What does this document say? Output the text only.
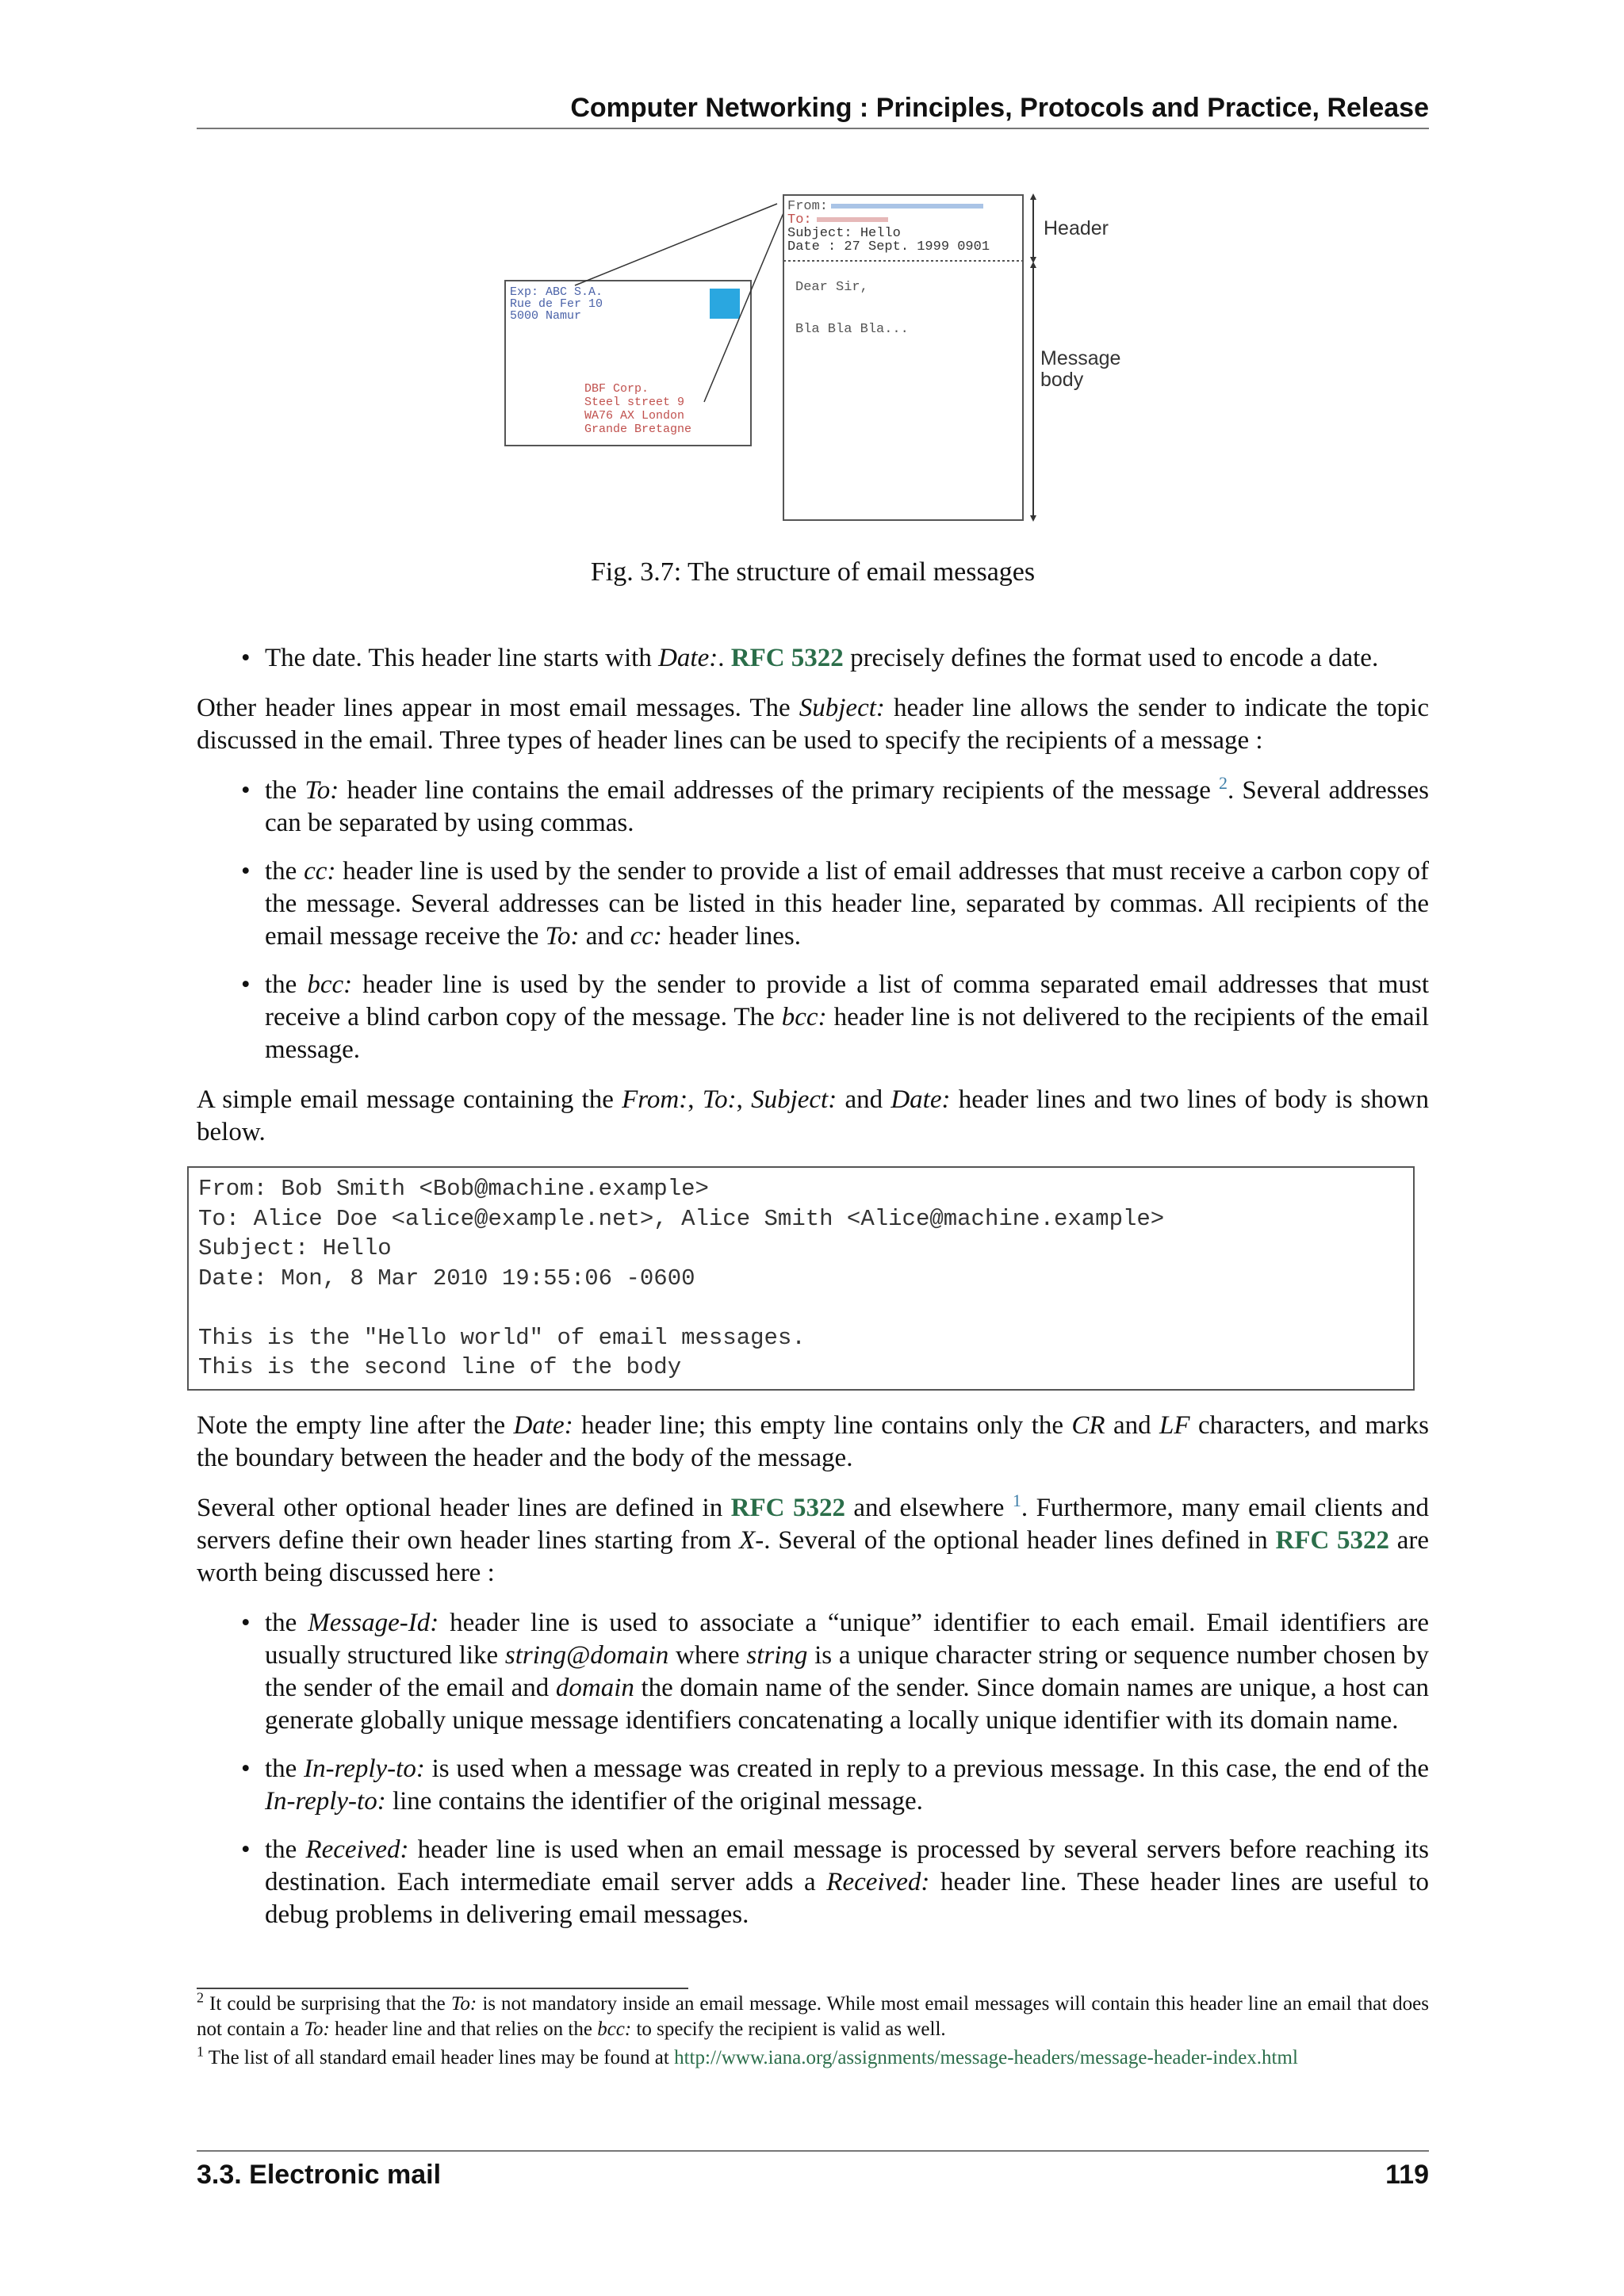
Computer Networking : Principles, Protocols and Practice, Release
Exp: ABC S.A.
Rue de Fer 10
5000 Namur
DBF Corp.
Steel street 9
WA76 AX London
Grande Bretagne
From:
To:
Subject: Hello
Date : 27 Sept. 1999 0901
Dear Sir,
Bla Bla Bla...
Header
Message
body
Fig. 3.7: The structure of email messages
• The date. This header line starts with Date:. RFC 5322 precisely defines the format used to encode a date.

Other header lines appear in most email messages. The Subject: header line allows the sender to indicate the topic discussed in the email. Three types of header lines can be used to specify the recipients of a message :

• the To: header line contains the email addresses of the primary recipients of the message $^2$. Several addresses can be separated by using commas.
• the cc: header line is used by the sender to provide a list of email addresses that must receive a carbon copy of the message. Several addresses can be listed in this header line, separated by commas. All recipients of the email message receive the To: and cc: header lines.
• the bcc: header line is used by the sender to provide a list of comma separated email addresses that must receive a blind carbon copy of the message. The bcc: header line is not delivered to the recipients of the email message.

A simple email message containing the From:, To:, Subject: and Date: header lines and two lines of body is shown below.

From: Bob Smith <Bob@machine.example>
To: Alice Doe <alice@example.net>, Alice Smith <Alice@machine.example>
Subject: Hello
Date: Mon, 8 Mar 2010 19:55:06 -0600
This is the "Hello world" of email messages.
This is the second line of the body

Note the empty line after the Date: header line; this empty line contains only the CR and LF characters, and marks the boundary between the header and the body of the message.

Several other optional header lines are defined in RFC 5322 and elsewhere $^1$. Furthermore, many email clients and servers define their own header lines starting from X-. Several of the optional header lines defined in RFC 5322 are worth being discussed here :

• the Message-Id: header line is used to associate a “unique” identifier to each email. Email identifiers are usually structured like string@domain where string is a unique character string or sequence number chosen by the sender of the email and domain the domain name of the sender. Since domain names are unique, a host can generate globally unique message identifiers concatenating a locally unique identifier with its domain name.
• the In-reply-to: is used when a message was created in reply to a previous message. In this case, the end of the In-reply-to: line contains the identifier of the original message.
• the Received: header line is used when an email message is processed by several servers before reaching its destination. Each intermediate email server adds a Received: header line. These header lines are useful to debug problems in delivering email messages.
$^2$ It could be surprising that the To: is not mandatory inside an email message. While most email messages will contain this header line an email that does not contain a To: header line and that relies on the bcc: to specify the recipient is valid as well.
$^1$ The list of all standard email header lines may be found at http://www.iana.org/assignments/message-headers/message-header-index.html
3.3. Electronic mail	119
